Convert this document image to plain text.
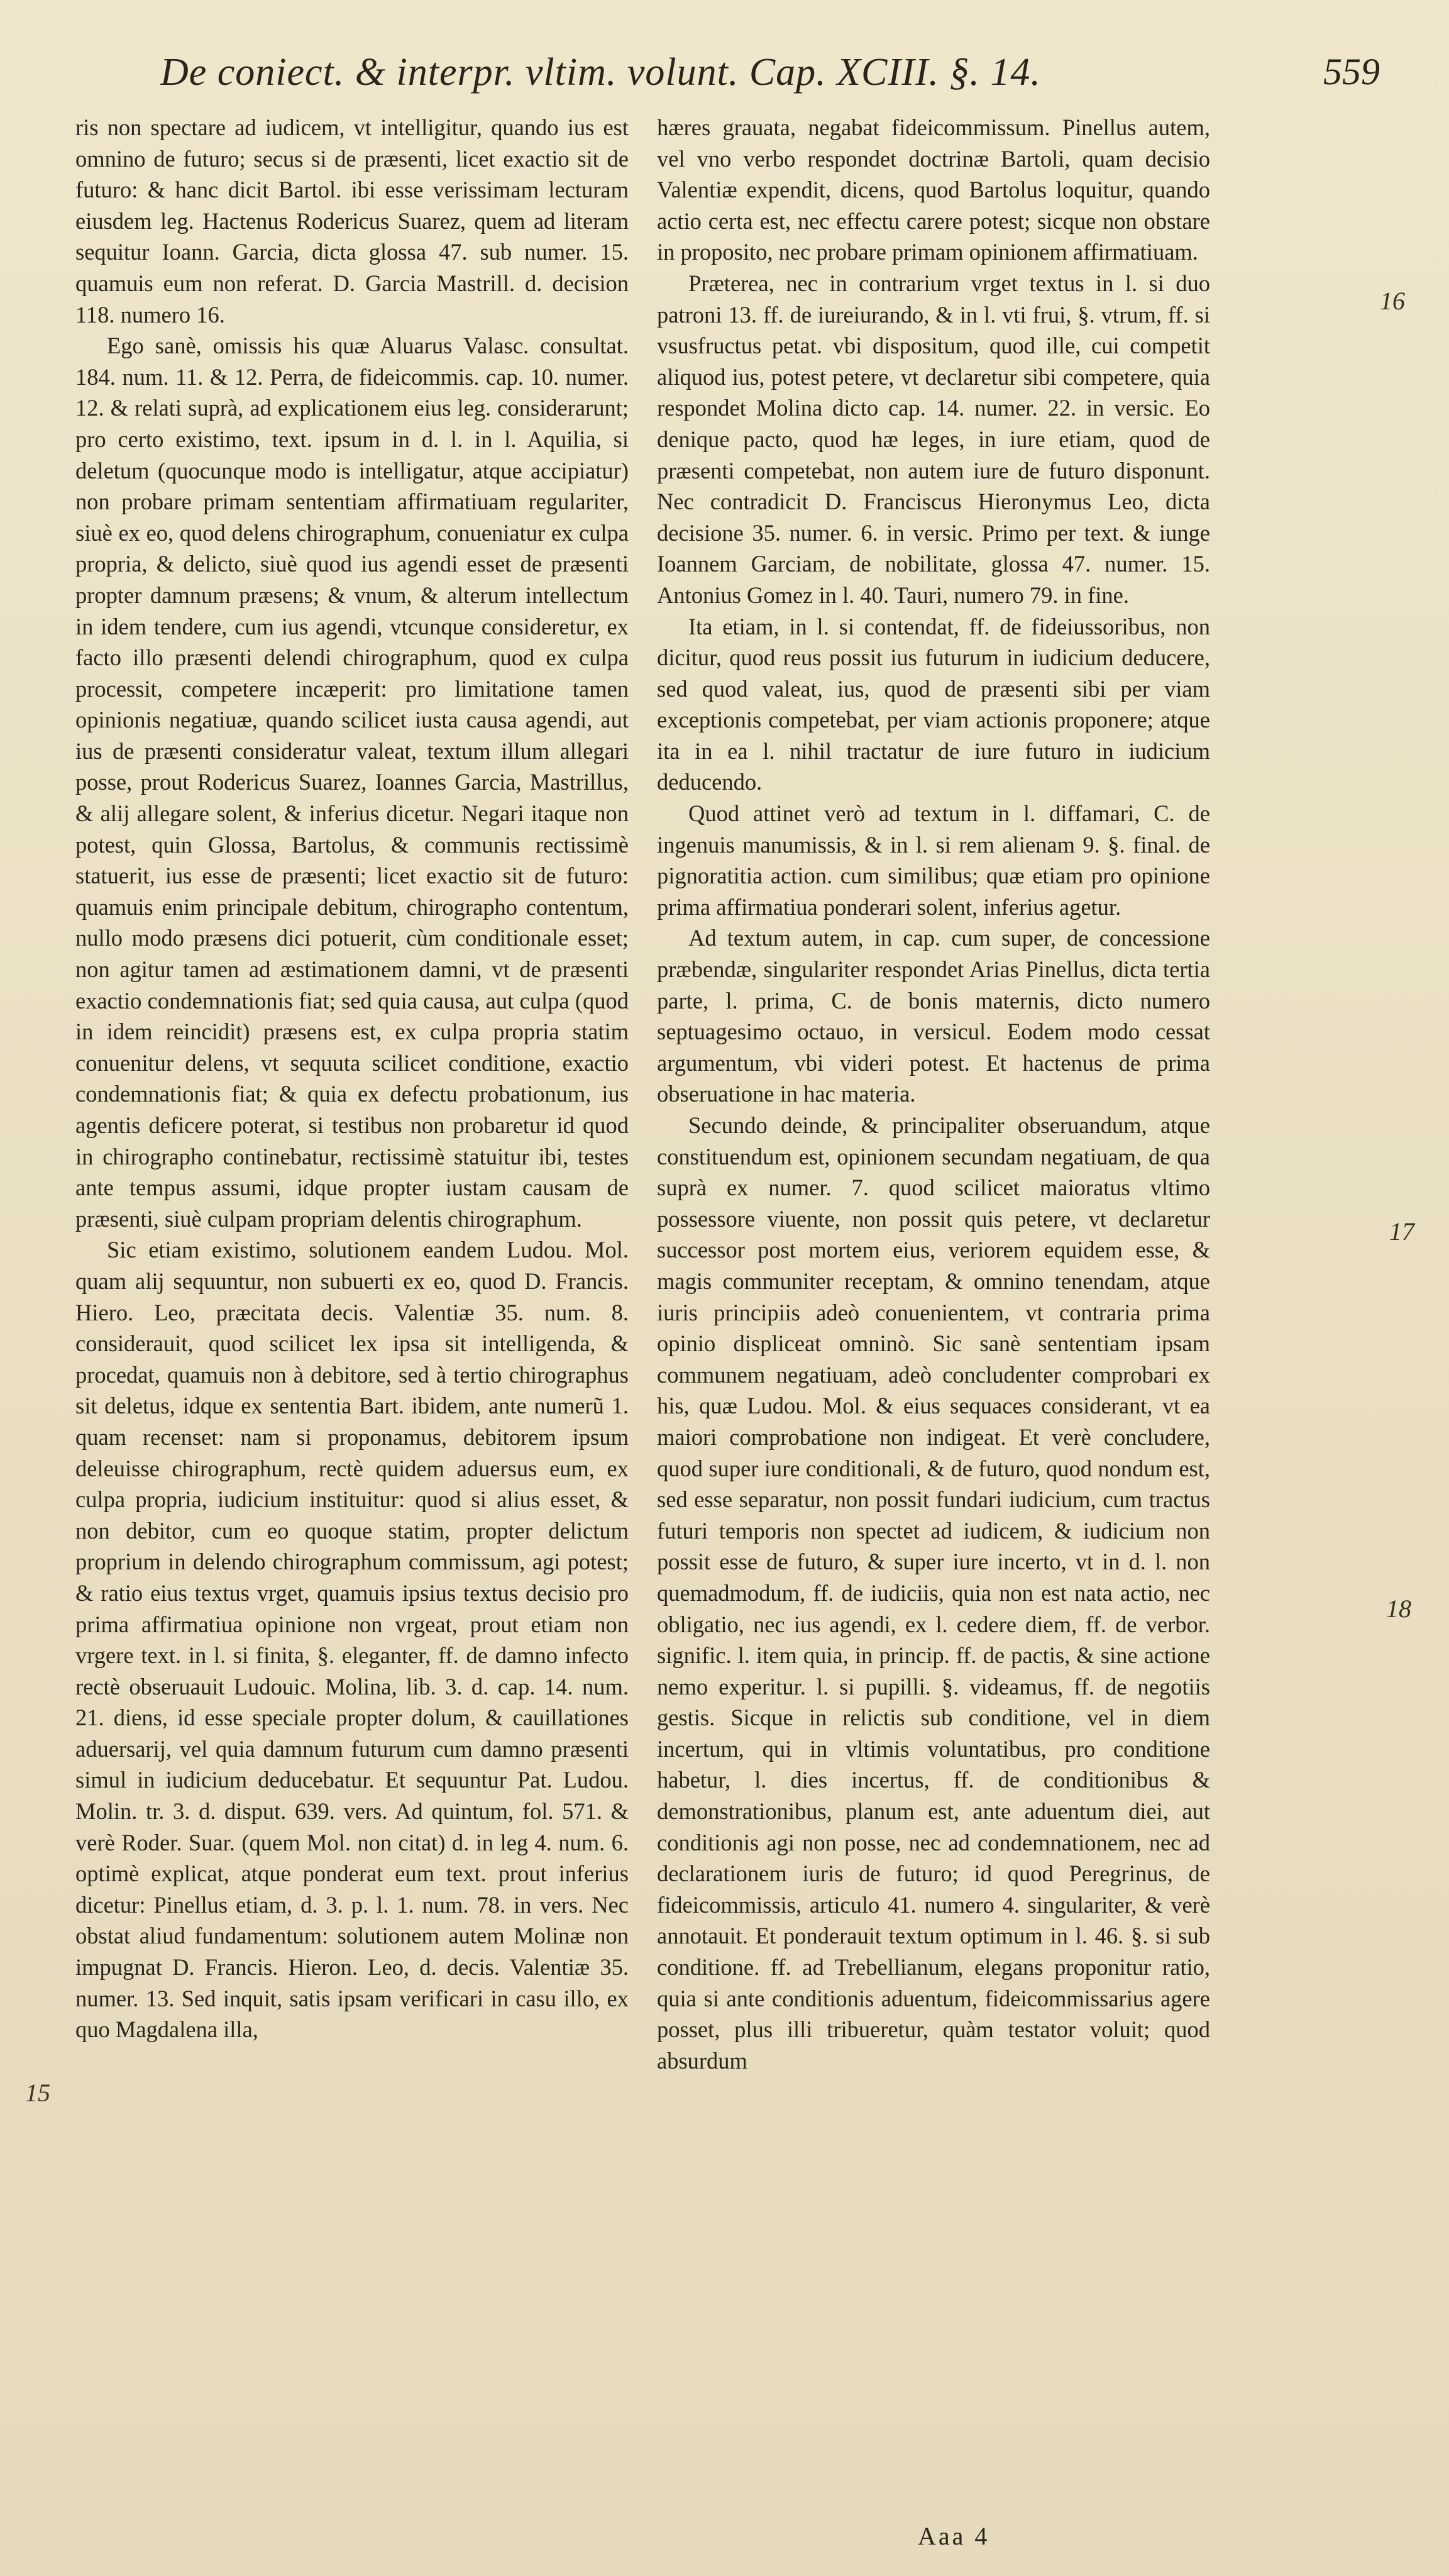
De coniect. & interpr. vltim. volunt. Cap. XCIII. §. 14.	559

ris non spectare ad iudicem, vt intelligitur, quando ius est omnino de futuro; secus si de præsenti, licet exactio sit de futuro: & hanc dicit Bartol. ibi esse verissimam lecturam eiusdem leg. Hactenus Rodericus Suarez, quem ad literam sequitur Ioann. Garcia, dicta glossa 47. sub numer. 15. quamuis eum non referat. D. Garcia Mastrill. d. decision 118. numero 16.

Ego sanè, omissis his quæ Aluarus Valasc. consultat. 184. num. 11. & 12. Perra, de fideicommis. cap. 10. numer. 12. & relati suprà, ad explicationem eius leg. considerarunt; pro certo existimo, text. ipsum in d. l. in l. Aquilia, si deletum (quocunque modo is intelligatur, atque accipiatur) non probare primam sententiam affirmatiuam regulariter, siuè ex eo, quod delens chirographum, conueniatur ex culpa propria, & delicto, siuè quod ius agendi esset de præsenti propter damnum præsens; & vnum, & alterum intellectum in idem tendere, cum ius agendi, vtcunque consideretur, ex facto illo præsenti delendi chirographum, quod ex culpa processit, competere incæperit: pro limitatione tamen opinionis negatiuæ, quando scilicet iusta causa agendi, aut ius de præsenti consideratur valeat, textum illum allegari posse, prout Rodericus Suarez, Ioannes Garcia, Mastrillus, & alij allegare solent, & inferius dicetur. Negari itaque non potest, quin Glossa, Bartolus, & communis rectissimè statuerit, ius esse de præsenti; licet exactio sit de futuro: quamuis enim principale debitum, chirographo contentum, nullo modo præsens dici potuerit, cùm conditionale esset; non agitur tamen ad æstimationem damni, vt de præsenti exactio condemnationis fiat; sed quia causa, aut culpa (quod in idem reincidit) præsens est, ex culpa propria statim conuenitur delens, vt sequuta scilicet conditione, exactio condemnationis fiat; & quia ex defectu probationum, ius agentis deficere poterat, si testibus non probaretur id quod in chirographo continebatur, rectissimè statuitur ibi, testes ante tempus assumi, idque propter iustam causam de præsenti, siuè culpam propriam delentis chirographum.

Sic etiam existimo, solutionem eandem Ludou. Mol. quam alij sequuntur, non subuerti ex eo, quod D. Francis. Hiero. Leo, præcitata decis. Valentiæ 35. num. 8. considerauit, quod scilicet lex ipsa sit intelligenda, & procedat, quamuis non à debitore, sed à tertio chirographus sit deletus, idque ex sententia Bart. ibidem, ante numerũ 1. quam recenset: nam si proponamus, debitorem ipsum deleuisse chirographum, rectè quidem aduersus eum, ex culpa propria, iudicium instituitur: quod si alius esset, & non debitor, cum eo quoque statim, propter delictum proprium in delendo chirographum commissum, agi potest; & ratio eius textus vrget, quamuis ipsius textus decisio pro prima affirmatiua opinione non vrgeat, prout etiam non vrgere text. in l. si finita, §. eleganter, ff. de damno infecto rectè obseruauit Ludouic. Molina, lib. 3. d. cap. 14. num. 21. diens, id esse speciale propter dolum, & cauillationes aduersarij, vel quia damnum futurum cum damno præsenti simul in iudicium deducebatur. Et sequuntur Pat. Ludou. Molin. tr. 3. d. disput. 639. vers. Ad quintum, fol. 571. & verè Roder. Suar. (quem Mol. non citat) d. in leg 4. num. 6. optimè explicat, atque ponderat eum text. prout inferius dicetur: Pinellus etiam, d. 3. p. l. 1. num. 78. in vers. Nec obstat aliud fundamentum: solutionem autem Molinæ non impugnat D. Francis. Hieron. Leo, d. decis. Valentiæ 35. numer. 13. Sed inquit, satis ipsam verificari in casu illo, ex quo Magdalena illa,

hæres grauata, negabat fideicommissum. Pinellus autem, vel vno verbo respondet doctrinæ Bartoli, quam decisio Valentiæ expendit, dicens, quod Bartolus loquitur, quando actio certa est, nec effectu carere potest; sicque non obstare in proposito, nec probare primam opinionem affirmatiuam.

Præterea, nec in contrarium vrget textus in l. si duo patroni 13. ff. de iureiurando, & in l. vti frui, §. vtrum, ff. si vsusfructus petat. vbi dispositum, quod ille, cui competit aliquod ius, potest petere, vt declaretur sibi competere, quia respondet Molina dicto cap. 14. numer. 22. in versic. Eo denique pacto, quod hæ leges, in iure etiam, quod de præsenti competebat, non autem iure de futuro disponunt. Nec contradicit D. Franciscus Hieronymus Leo, dicta decisione 35. numer. 6. in versic. Primo per text. & iunge Ioannem Garciam, de nobilitate, glossa 47. numer. 15. Antonius Gomez in l. 40. Tauri, numero 79. in fine.

Ita etiam, in l. si contendat, ff. de fideiussoribus, non dicitur, quod reus possit ius futurum in iudicium deducere, sed quod valeat, ius, quod de præsenti sibi per viam exceptionis competebat, per viam actionis proponere; atque ita in ea l. nihil tractatur de iure futuro in iudicium deducendo.

Quod attinet verò ad textum in l. diffamari, C. de ingenuis manumissis, & in l. si rem alienam 9. §. final. de pignoratitia action. cum similibus; quæ etiam pro opinione prima affirmatiua ponderari solent, inferius agetur.

Ad textum autem, in cap. cum super, de concessione præbendæ, singulariter respondet Arias Pinellus, dicta tertia parte, l. prima, C. de bonis maternis, dicto numero septuagesimo octauo, in versicul. Eodem modo cessat argumentum, vbi videri potest. Et hactenus de prima obseruatione in hac materia.

Secundo deinde, & principaliter obseruandum, atque constituendum est, opinionem secundam negatiuam, de qua suprà ex numer. 7. quod scilicet maioratus vltimo possessore viuente, non possit quis petere, vt declaretur successor post mortem eius, veriorem equidem esse, & magis communiter receptam, & omnino tenendam, atque iuris principiis adeò conuenientem, vt contraria prima opinio displiceat omninò. Sic sanè sententiam ipsam communem negatiuam, adeò concludenter comprobari ex his, quæ Ludou. Mol. & eius sequaces considerant, vt ea maiori comprobatione non indigeat. Et verè concludere, quod super iure conditionali, & de futuro, quod nondum est, sed esse separatur, non possit fundari iudicium, cum tractus futuri temporis non spectet ad iudicem, & iudicium non possit esse de futuro, & super iure incerto, vt in d. l. non quemadmodum, ff. de iudiciis, quia non est nata actio, nec obligatio, nec ius agendi, ex l. cedere diem, ff. de verbor. signific. l. item quia, in princip. ff. de pactis, & sine actione nemo experitur. l. si pupilli. §. videamus, ff. de negotiis gestis. Sicque in relictis sub conditione, vel in diem incertum, qui in vltimis voluntatibus, pro conditione habetur, l. dies incertus, ff. de conditionibus & demonstrationibus, planum est, ante aduentum diei, aut conditionis agi non posse, nec ad condemnationem, nec ad declarationem iuris de futuro; id quod Peregrinus, de fideicommissis, articulo 41. numero 4. singulariter, & verè annotauit. Et ponderauit textum optimum in l. 46. §. si sub conditione. ff. ad Trebellianum, elegans proponitur ratio, quia si ante conditionis aduentum, fideicommissarius agere posset, plus illi tribueretur, quàm testator voluit; quod absurdum

16
17
18
15
Aaa 4
